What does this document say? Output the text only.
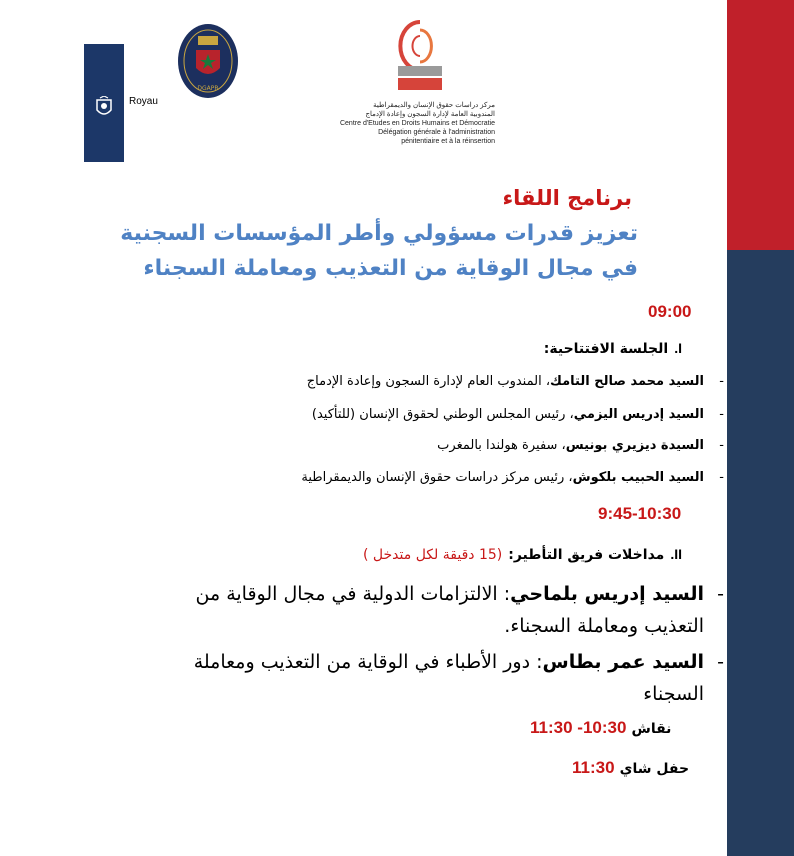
Royau
DGAPR
مركز دراسات حقوق الإنسان والديمقراطية
المندوبية العامة لإدارة السجون وإعادة الإدماج
Centre d'Etudes en Droits Humains et Démocratie
Délégation générale à l'administration
pénitentiaire et à la réinsertion
برنامج اللقاء
تعزيز قدرات مسؤولي وأطر المؤسسات السجنية
في مجال الوقاية من التعذيب ومعاملة السجناء
09:00
I.الجلسة الافتتاحية:
-
السيد محمد صالح التامك، المندوب العام لإدارة السجون وإعادة الإدماج
-
السيد إدريس اليزمي، رئيس المجلس الوطني لحقوق الإنسان (للتأكيد)
-
السيدة ديزيري بونيس، سفيرة هولندا بالمغرب
-
السيد الحبيب بلكوش، رئيس مركز دراسات حقوق الإنسان والديمقراطية
9:45-10:30
II.مداخلات فريق التأطير:(15 دقيقة لكل متدخل )
-
السيد إدريس بلماحي: الالتزامات الدولية في مجال الوقاية من التعذيب ومعاملة السجناء.
-
السيد عمر بطاس: دور الأطباء في الوقاية من التعذيب ومعاملة السجناء
نقاش 10:30- 11:30
حفل شاي 11:30
